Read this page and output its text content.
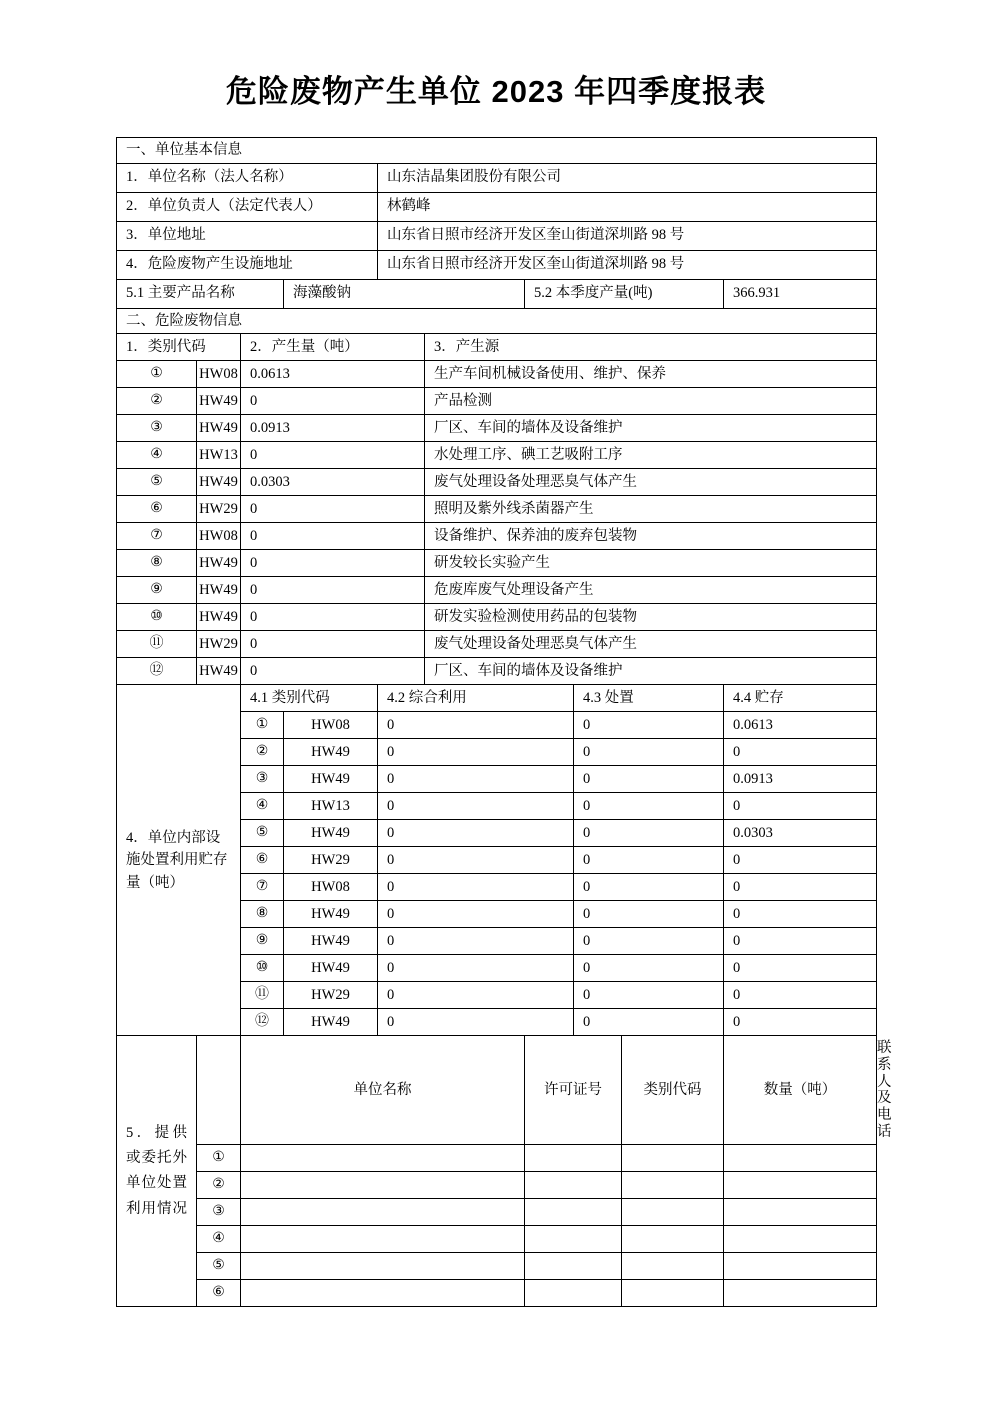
危险废物产生单位 2023 年四季度报表
一、单位基本信息										
1．单位名称（法人名称）				山东洁晶集团股份有限公司						
2．单位负责人（法定代表人）				林鹤峰						
3．单位地址				山东省日照市经济开发区奎山街道深圳路 98 号						
4．危险废物产生设施地址				山东省日照市经济开发区奎山街道深圳路 98 号						
5.1 主要产品名称			海藻酸钠			5.2 本季度产量(吨)			366.931	
二、危险废物信息										
1．类别代码		2．产生量（吨）			3．产生源					
①	HW08	0.0613			生产车间机械设备使用、维护、保养					
②	HW49	0			产品检测					
③	HW49	0.0913			厂区、车间的墙体及设备维护					
④	HW13	0			水处理工序、碘工艺吸附工序					
⑤	HW49	0.0303			废气处理设备处理恶臭气体产生					
⑥	HW29	0			照明及紫外线杀菌器产生					
⑦	HW08	0			设备维护、保养油的废弃包装物					
⑧	HW49	0			研发较长实验产生					
⑨	HW49	0			危废库废气处理设备产生					
⑩	HW49	0			研发实验检测使用药品的包装物					
⑪	HW29	0			废气处理设备处理恶臭气体产生					
⑫	HW49	0			厂区、车间的墙体及设备维护					
4．单位内部设施处置利用贮存量（吨）		4.1 类别代码		4.2 综合利用			4.3 处置		4.4 贮存	
		①	HW08	0			0		0.0613	
		②	HW49	0			0		0	
		③	HW49	0			0		0.0913	
		④	HW13	0			0		0	
		⑤	HW49	0			0		0.0303	
		⑥	HW29	0			0		0	
		⑦	HW08	0			0		0	
		⑧	HW49	0			0		0	
		⑨	HW49	0			0		0	
		⑩	HW49	0			0		0	
		⑪	HW29	0			0		0	
		⑫	HW49	0			0		0	
5．提供或委托外单位处置利用情况		单位名称				许可证号		类别代码	数量（吨）	联系人及电话
	①									
	②									
	③									
	④									
	⑤									
	⑥									
